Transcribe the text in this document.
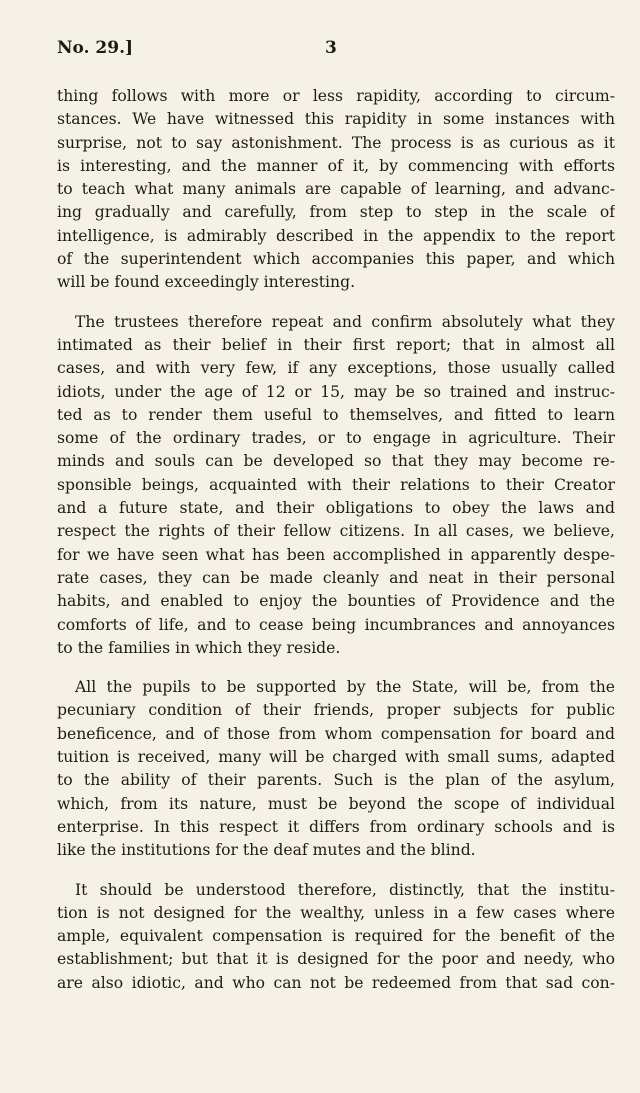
No. 29.]	3
thing follows with more or less rapidity, according to circum-
stances. We have witnessed this rapidity in some instances with
surprise, not to say astonishment. The process is as curious as it
is interesting, and the manner of it, by commencing with efforts
to teach what many animals are capable of learning, and advanc-
ing gradually and carefully, from step to step in the scale of
intelligence, is admirably described in the appendix to the report
of the superintendent which accompanies this paper, and which
will be found exceedingly interesting.
The trustees therefore repeat and confirm absolutely what they
intimated as their belief in their first report; that in almost all
cases, and with very few, if any exceptions, those usually called
idiots, under the age of 12 or 15, may be so trained and instruc-
ted as to render them useful to themselves, and fitted to learn
some of the ordinary trades, or to engage in agriculture. Their
minds and souls can be developed so that they may become re-
sponsible beings, acquainted with their relations to their Creator
and a future state, and their obligations to obey the laws and
respect the rights of their fellow citizens. In all cases, we believe,
for we have seen what has been accomplished in apparently despe-
rate cases, they can be made cleanly and neat in their personal
habits, and enabled to enjoy the bounties of Providence and the
comforts of life, and to cease being incumbrances and annoyances
to the families in which they reside.
All the pupils to be supported by the State, will be, from the
pecuniary condition of their friends, proper subjects for public
beneficence, and of those from whom compensation for board and
tuition is received, many will be charged with small sums, adapted
to the ability of their parents. Such is the plan of the asylum,
which, from its nature, must be beyond the scope of individual
enterprise. In this respect it differs from ordinary schools and is
like the institutions for the deaf mutes and the blind.
It should be understood therefore, distinctly, that the institu-
tion is not designed for the wealthy, unless in a few cases where
ample, equivalent compensation is required for the benefit of the
establishment; but that it is designed for the poor and needy, who
are also idiotic, and who can not be redeemed from that sad con-
